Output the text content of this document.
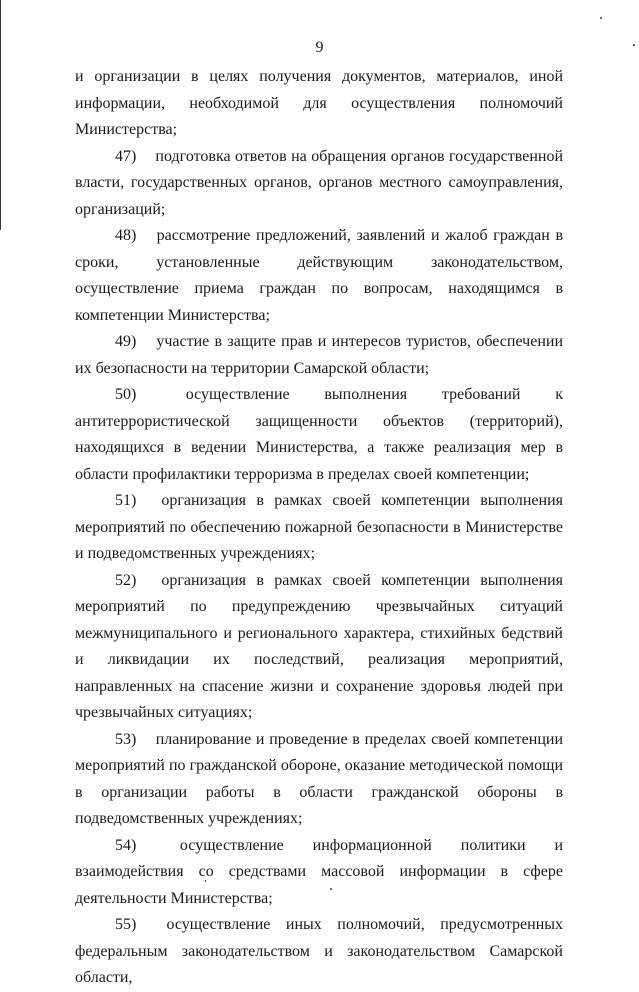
9

и организации в целях получения документов, материалов, иной информации, необходимой для осуществления полномочий Министерства;

47) подготовка ответов на обращения органов государственной власти, государственных органов, органов местного самоуправления, организаций;

48) рассмотрение предложений, заявлений и жалоб граждан в сроки, установленные действующим законодательством, осуществление приема граждан по вопросам, находящимся в компетенции Министерства;

49) участие в защите прав и интересов туристов, обеспечении их безопасности на территории Самарской области;

50)	осуществление выполнения требований к антитеррористической защищенности объектов (территорий), находящихся в ведении Министерства, а также реализация мер в области профилактики терроризма в пределах своей компетенции;

51) организация в рамках своей компетенции выполнения мероприятий по обеспечению пожарной безопасности в Министерстве и подведомственных учреждениях;

52) организация в рамках своей компетенции выполнения мероприятий по предупреждению чрезвычайных ситуаций межмуниципального и регионального характера, стихийных бедствий и ликвидации их последствий, реализация мероприятий, направленных на спасение жизни и сохранение здоровья людей при чрезвычайных ситуациях;

53) планирование и проведение в пределах своей компетенции мероприятий по гражданской обороне, оказание методической помощи в организации работы в области гражданской обороны в подведомственных учреждениях;

54)	осуществление информационной политики и взаимодействия со средствами массовой информации в сфере деятельности Министерства;

55) осуществление иных полномочий, предусмотренных федеральным законодательством и законодательством Самарской области,
